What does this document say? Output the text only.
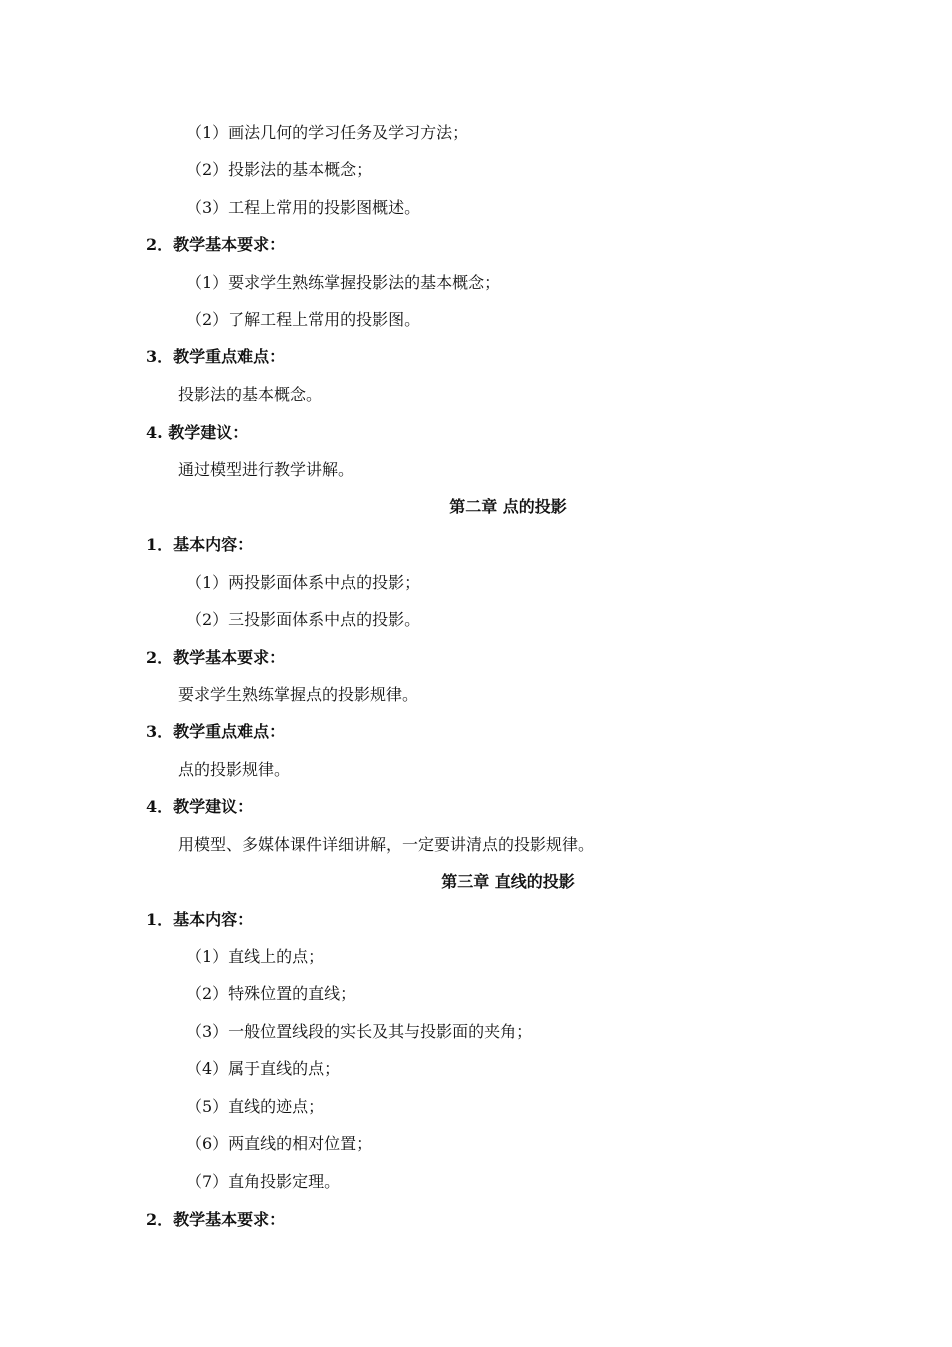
（1）画法几何的学习任务及学习方法；
（2）投影法的基本概念；
（3）工程上常用的投影图概述。
2．教学基本要求：
（1）要求学生熟练掌握投影法的基本概念；
（2）了解工程上常用的投影图。
3．教学重点难点：
投影法的基本概念。
4. 教学建议：
通过模型进行教学讲解。
第二章 点的投影
1．基本内容：
（1）两投影面体系中点的投影；
（2）三投影面体系中点的投影。
2．教学基本要求：
要求学生熟练掌握点的投影规律。
3．教学重点难点：
点的投影规律。
4．教学建议：
用模型、多媒体课件详细讲解，一定要讲清点的投影规律。
第三章 直线的投影
1．基本内容：
（1）直线上的点；
（2）特殊位置的直线；
（3）一般位置线段的实长及其与投影面的夹角；
（4）属于直线的点；
（5）直线的迹点；
（6）两直线的相对位置；
（7）直角投影定理。
2．教学基本要求：
